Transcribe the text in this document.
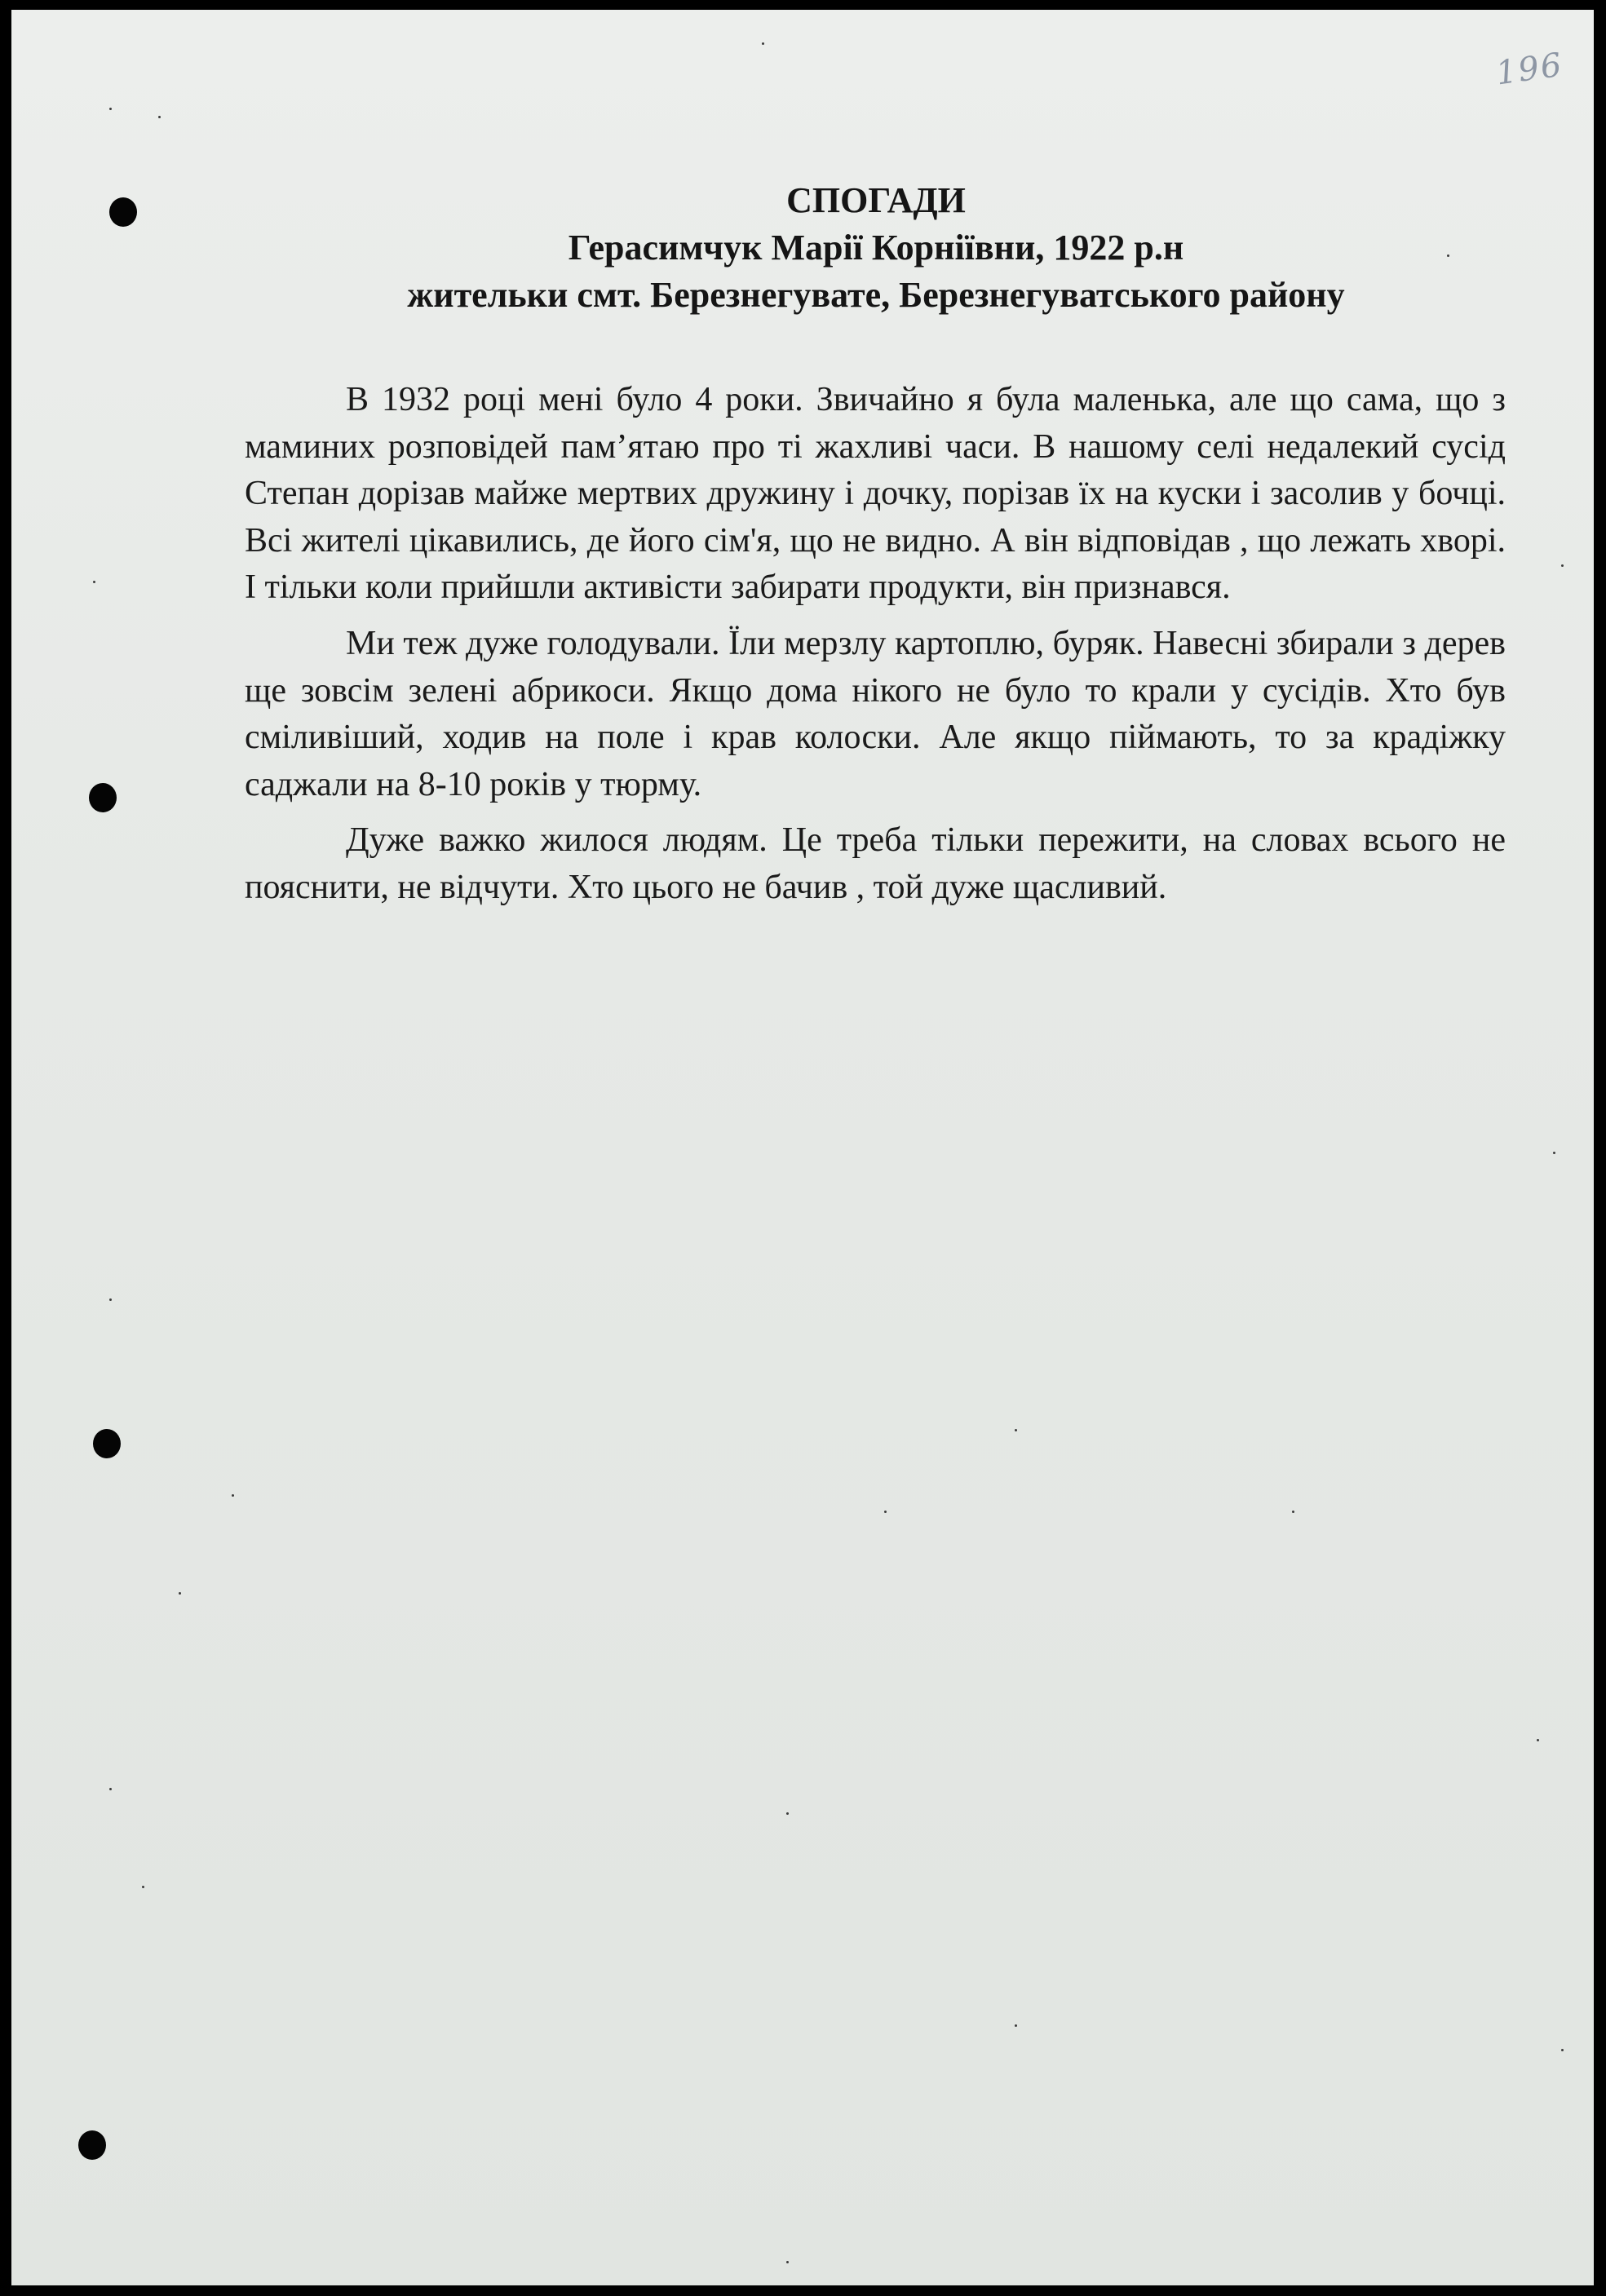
196
СПОГАДИ
Герасимчук Марії Корніївни, 1922 р.н
жительки смт. Березнегувате, Березнегуватського району

В 1932 році мені було 4 роки. Звичайно я була маленька, але що сама, що з маминих розповідей пам’ятаю про ті жахливі часи. В нашому селі недалекий сусід Степан дорізав майже мертвих дружину і дочку, порізав їх на куски і засолив у бочці. Всі жителі цікавились, де його сім'я, що не видно. А він відповідав , що лежать хворі. І тільки коли прийшли активісти забирати продукти, він признався.

Ми теж дуже голодували. Їли мерзлу картоплю, буряк. Навесні збирали з дерев ще зовсім зелені абрикоси. Якщо дома нікого не було то крали у сусідів. Хто був сміливіший, ходив на поле і крав колоски. Але якщо піймають, то за крадіжку саджали на 8-10 років у тюрму.

Дуже важко жилося людям. Це треба тільки пережити, на словах всього не пояснити, не відчути. Хто цього не бачив , той дуже щасливий.
